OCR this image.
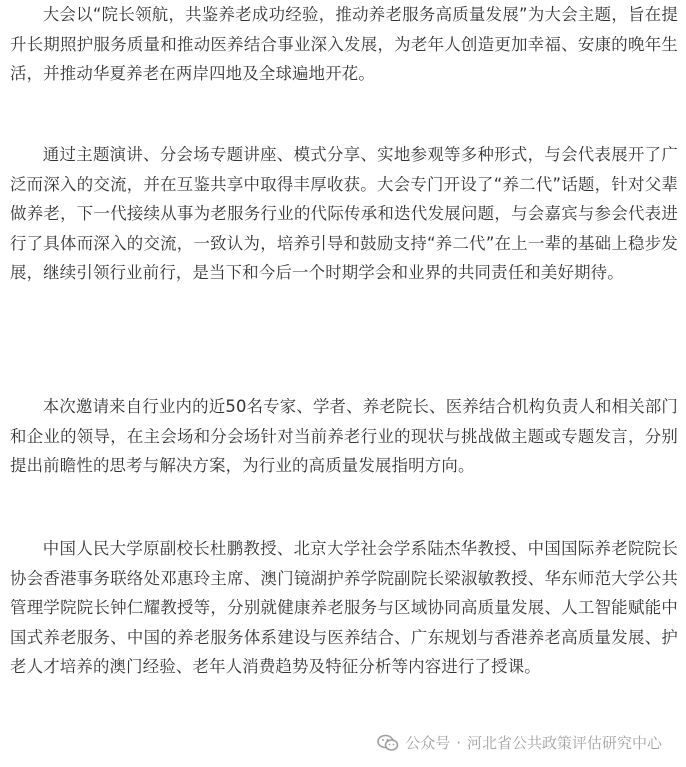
大会以“院长领航，共鉴养老成功经验，推动养老服务高质量发展”为大会主题，旨在提升长期照护服务质量和推动医养结合事业深入发展，为老年人创造更加幸福、安康的晚年生活，并推动华夏养老在两岸四地及全球遍地开花。

通过主题演讲、分会场专题讲座、模式分享、实地参观等多种形式，与会代表展开了广泛而深入的交流，并在互鉴共享中取得丰厚收获。大会专门开设了“养二代”话题，针对父辈做养老，下一代接续从事为老服务行业的代际传承和迭代发展问题，与会嘉宾与参会代表进行了具体而深入的交流，一致认为，培养引导和鼓励支持“养二代”在上一辈的基础上稳步发展，继续引领行业前行，是当下和今后一个时期学会和业界的共同责任和美好期待。

本次邀请来自行业内的近50名专家、学者、养老院长、医养结合机构负责人和相关部门和企业的领导，在主会场和分会场针对当前养老行业的现状与挑战做主题或专题发言，分别提出前瞻性的思考与解决方案，为行业的高质量发展指明方向。

中国人民大学原副校长杜鹏教授、北京大学社会学系陆杰华教授、中国国际养老院院长协会香港事务联络处邓惠玲主席、澳门镜湖护养学院副院长梁淑敏教授、华东师范大学公共管理学院院长钟仁耀教授等，分别就健康养老服务与区域协同高质量发展、人工智能赋能中国式养老服务、中国的养老服务体系建设与医养结合、广东规划与香港养老高质量发展、护老人才培养的澳门经验、老年人消费趋势及特征分析等内容进行了授课。

公众号 · 河北省公共政策评估研究中心
